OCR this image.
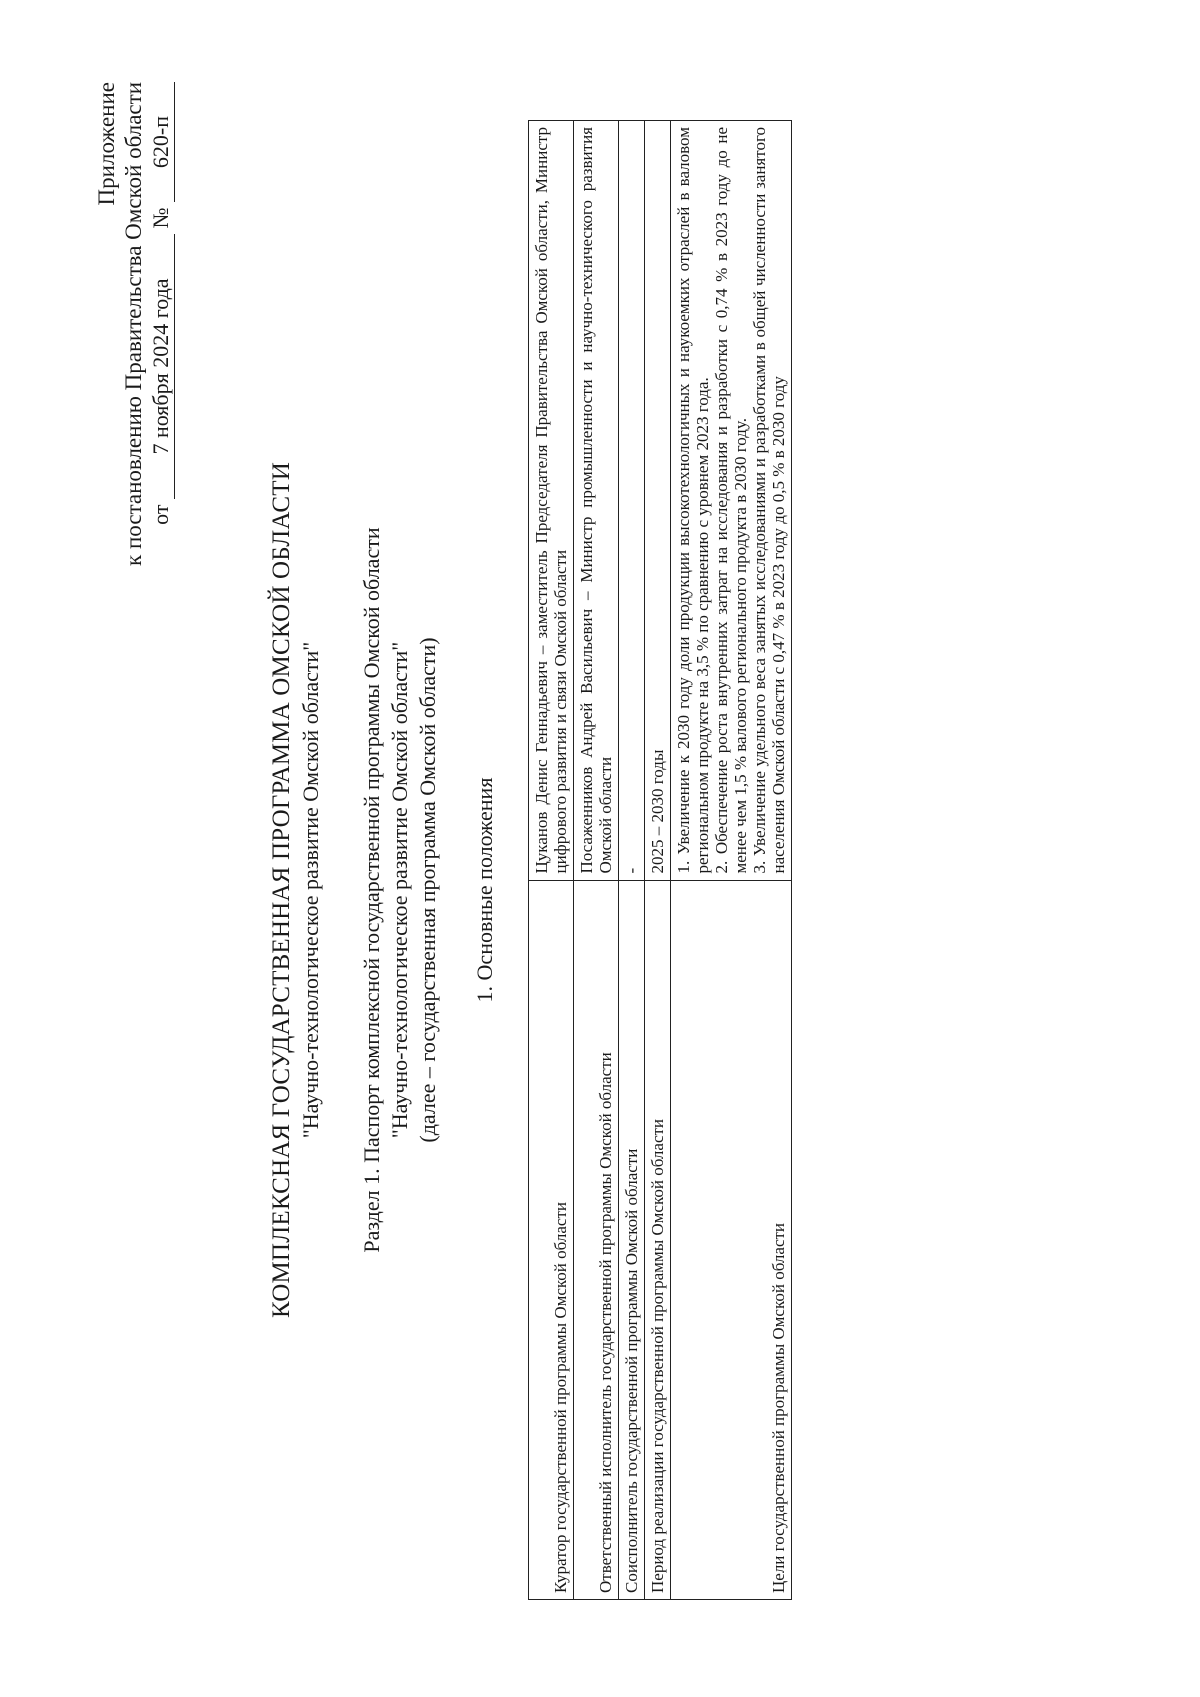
Приложение к постановлению Правительства Омской области от 7 ноября 2024 года № 620-п
КОМПЛЕКСНАЯ ГОСУДАРСТВЕННАЯ ПРОГРАММА ОМСКОЙ ОБЛАСТИ "Научно-технологическое развитие Омской области" Раздел 1. Паспорт комплексной государственной программы Омской области "Научно-технологическое развитие Омской области" (далее – государственная программа Омской области) 1. Основные положения
Куратор государственной программы Омской области	Цуканов Денис Геннадьевич – заместитель Председателя Правительства Омской области, Министр цифрового развития и связи Омской области
Ответственный исполнитель государственной программы Омской области	Посаженников Андрей Васильевич – Министр промышленности и научно-технического развития Омской области
Соисполнитель государственной программы Омской области	-
Период реализации государственной программы Омской области	2025 – 2030 годы
Цели государственной программы Омской области	1. Увеличение к 2030 году доли продукции высокотехнологичных и наукоемких отраслей в валовом региональном продукте на 3,5 % по сравнению с уровнем 2023 года. 2. Обеспечение роста внутренних затрат на исследования и разработки с 0,74 % в 2023 году до не менее чем 1,5 % валового регионального продукта в 2030 году. 3. Увеличение удельного веса занятых исследованиями и разработками в общей численности занятого населения Омской области с 0,47 % в 2023 году до 0,5 % в 2030 году
